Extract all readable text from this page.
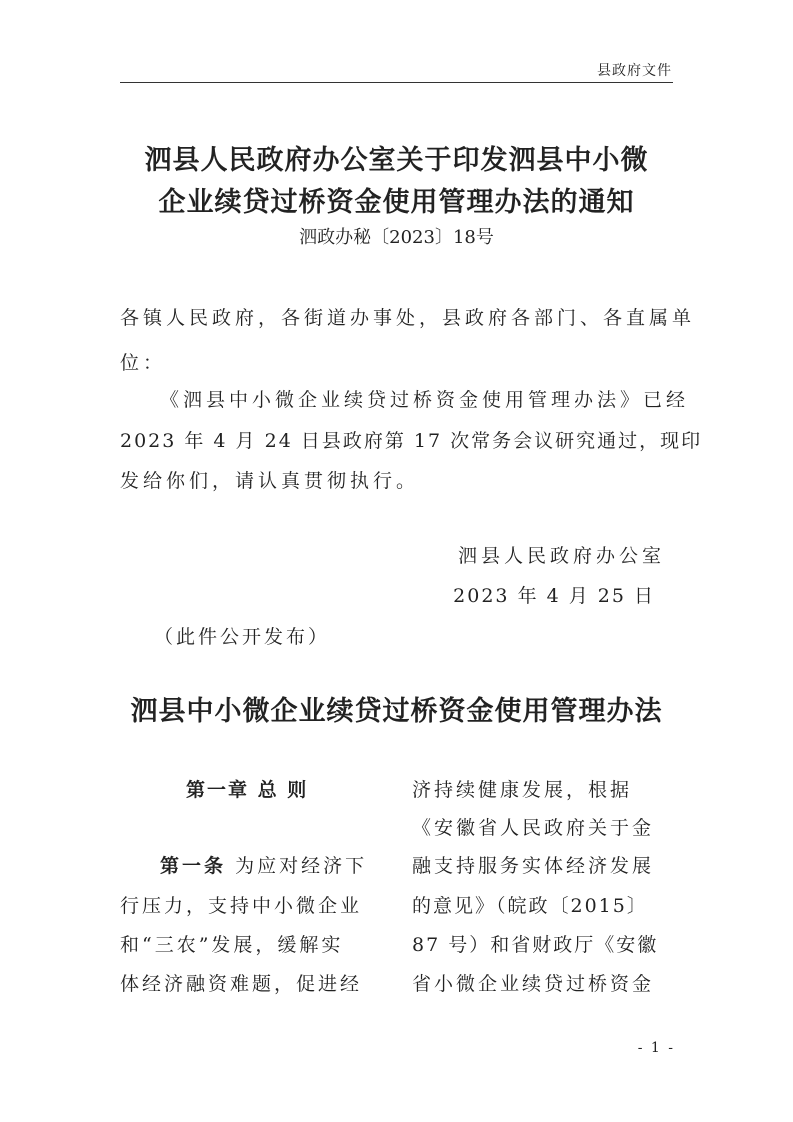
县政府文件
泗县人民政府办公室关于印发泗县中小微
企业续贷过桥资金使用管理办法的通知
泗政办秘〔2023〕18号
各镇人民政府，各街道办事处，县政府各部门、各直属单
位：
《泗县中小微企业续贷过桥资金使用管理办法》已经
2023 年 4 月 24 日县政府第 17 次常务会议研究通过，现印
发给你们，请认真贯彻执行。
泗县人民政府办公室
2023 年 4 月 25 日
（此件公开发布）
泗县中小微企业续贷过桥资金使用管理办法
第一章 总 则
第一条 为应对经济下
行压力，支持中小微企业
和“三农”发展，缓解实
体经济融资难题，促进经
济持续健康发展，根据
《安徽省人民政府关于金
融支持服务实体经济发展
的意见》（皖政〔2015〕
87 号）和省财政厅《安徽
省小微企业续贷过桥资金
- 1 -
